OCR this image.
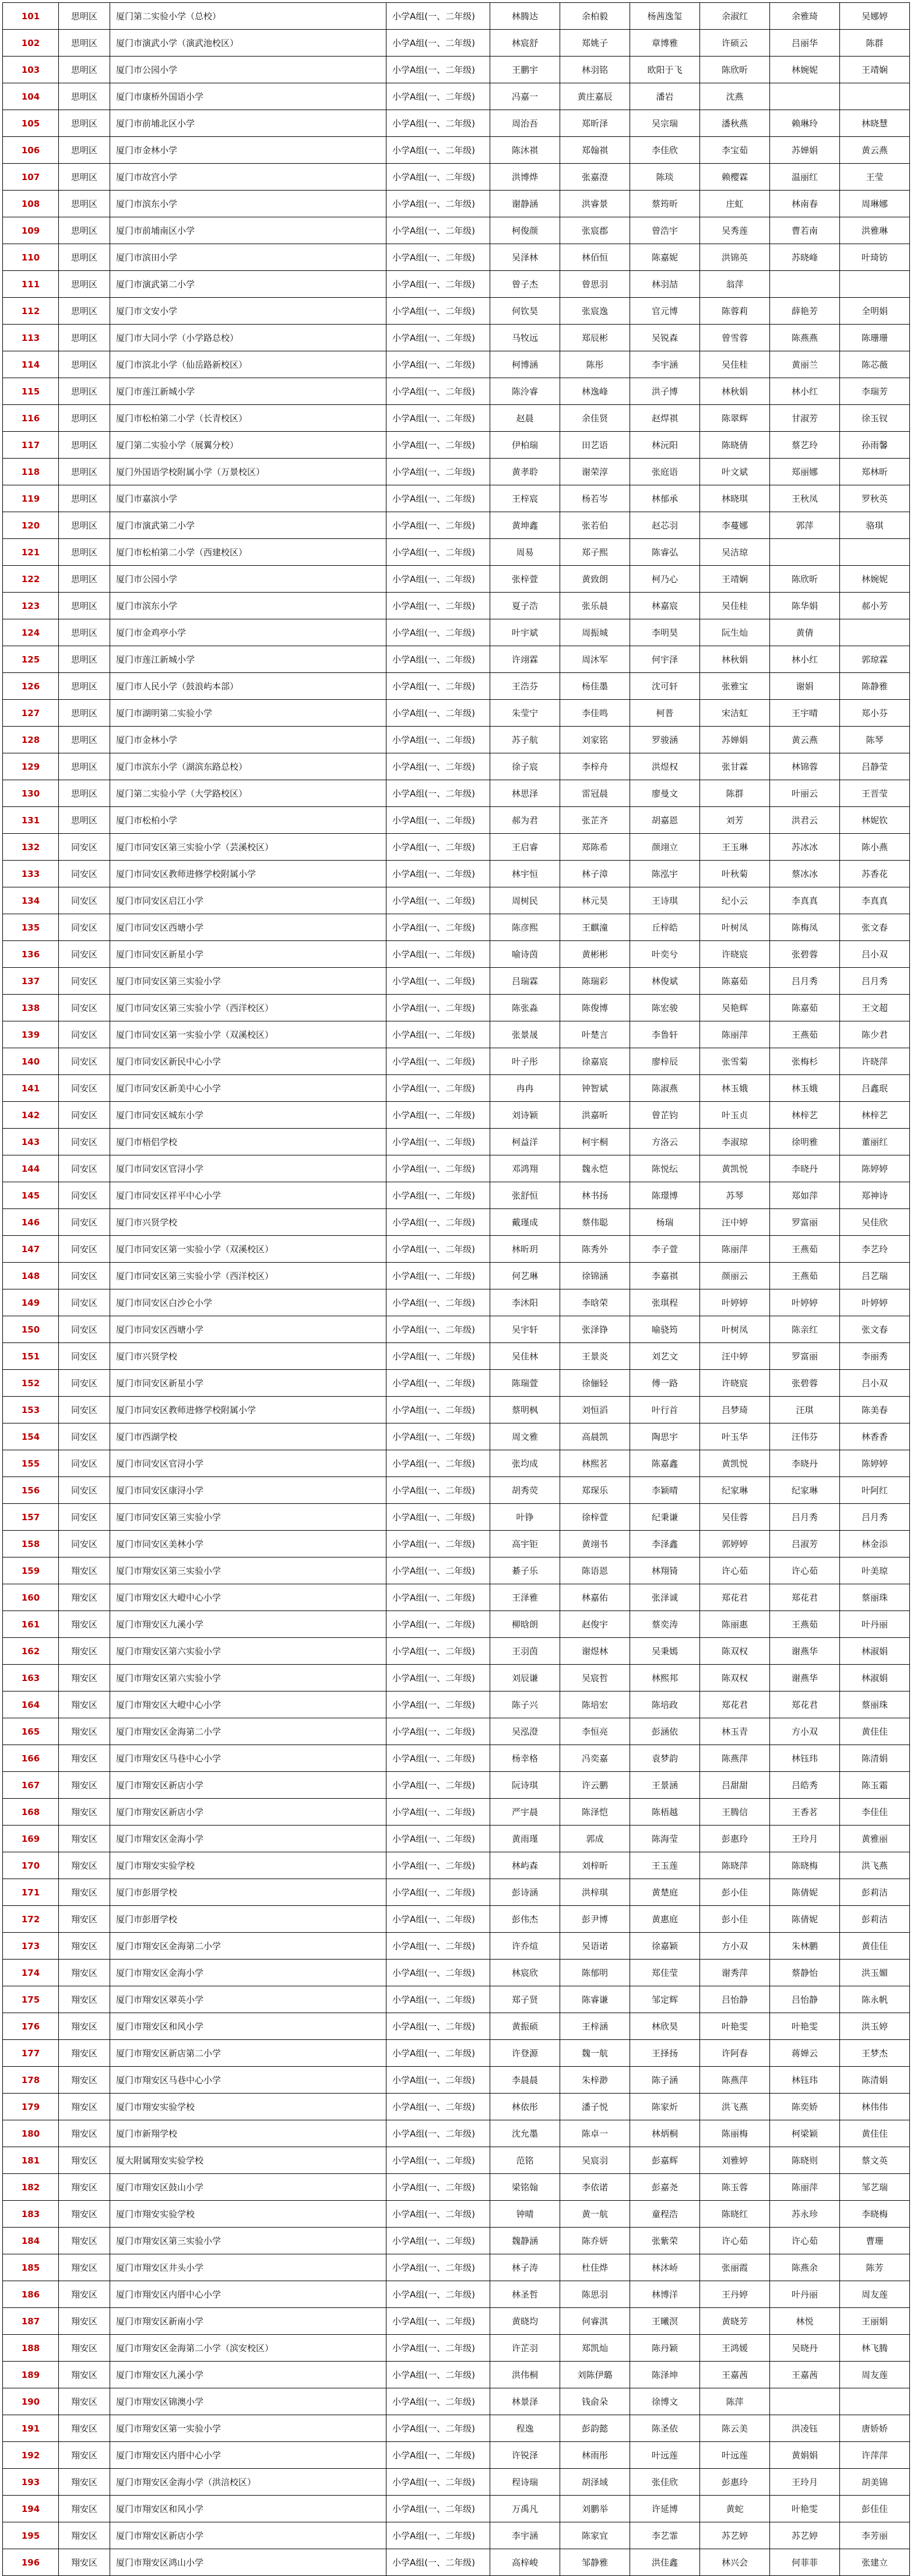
101	思明区	厦门第二实验小学（总校）	小学A组(一、二年级)	林腾达	余柏毅	杨茜逸玺	余淑红	余雅琦	吴娜婷
102	思明区	厦门市演武小学（演武池校区）	小学A组(一、二年级)	林宸舒	郑姚子	章博雅	许硕云	吕丽华	陈群
103	思明区	厦门市公园小学	小学A组(一、二年级)	王鹏宇	林羽铭	欧阳于飞	陈欣昕	林婉妮	王靖娴
104	思明区	厦门市康桥外国语小学	小学A组(一、二年级)	冯嘉一	黄庄嘉辰	潘岩	沈燕		
105	思明区	厦门市前埔北区小学	小学A组(一、二年级)	周治吾	郑昕泽	吴宗瑞	潘秋燕	赖琳玲	林晓慧
106	思明区	厦门市金林小学	小学A组(一、二年级)	陈沐祺	郑翰祺	李佳欣	李宝茹	苏婵娟	黄云燕
107	思明区	厦门市故宫小学	小学A组(一、二年级)	洪博烨	张嘉澄	陈琰	赖樱霖	温丽红	王莹
108	思明区	厦门市滨东小学	小学A组(一、二年级)	谢静涵	洪睿景	蔡筠昕	庄虹	林南春	周琳娜
109	思明区	厦门市前埔南区小学	小学A组(一、二年级)	柯俊颜	张宸郡	曾浩宇	吴秀莲	曹若南	洪雅琳
110	思明区	厦门市滨田小学	小学A组(一、二年级)	吴泽林	林佰恒	陈嘉妮	洪锦英	苏晓峰	叶琦钫
111	思明区	厦门市演武第二小学	小学A组(一、二年级)	曾子杰	曾思羽	林羽喆	翁萍		
112	思明区	厦门市文安小学	小学A组(一、二年级)	何钦昊	张宸逸	官元博	陈蓉莉	薛艳芳	全明娟
113	思明区	厦门市大同小学（小学路总校）	小学A组(一、二年级)	马牧远	郑辰彬	吴锐森	曾雪蓉	陈燕燕	陈珊珊
114	思明区	厦门市滨北小学（仙岳路新校区）	小学A组(一、二年级)	柯博涵	陈彤	李宇涵	吴佳桂	黄丽兰	陈芯薇
115	思明区	厦门市莲江新城小学	小学A组(一、二年级)	陈泠睿	林逸峰	洪子博	林秋娟	林小红	李瑞芳
116	思明区	厦门市松柏第二小学（长青校区）	小学A组(一、二年级)	赵晨	余佳贤	赵焊祺	陈翠辉	甘淑芳	徐玉钗
117	思明区	厦门第二实验小学（展翼分校）	小学A组(一、二年级)	伊柏瑞	田艺语	林沅阳	陈晓倩	蔡艺玲	孙雨馨
118	思明区	厦门外国语学校附属小学（万景校区）	小学A组(一、二年级)	黄孝聆	谢荣淳	张庭语	叶文斌	郑丽娜	郑林昕
119	思明区	厦门市嘉滨小学	小学A组(一、二年级)	王梓宸	杨若岑	林郁承	林晓琪	王秋凤	罗秋英
120	思明区	厦门市演武第二小学	小学A组(一、二年级)	黄坤鑫	张若伯	赵芯羽	李蔓娜	郭萍	骆琪
121	思明区	厦门市松柏第二小学（西建校区）	小学A组(一、二年级)	周易	郑子熙	陈睿弘	吴洁琼		
122	思明区	厦门市公园小学	小学A组(一、二年级)	张梓萱	黄致朗	柯乃心	王靖娴	陈欣昕	林婉妮
123	思明区	厦门市滨东小学	小学A组(一、二年级)	夏子浩	张乐晨	林嘉宸	吴佳桂	陈华娟	郝小芳
124	思明区	厦门市金鸡亭小学	小学A组(一、二年级)	叶宇斌	周振城	李明昊	阮生灿	黄倩	
125	思明区	厦门市莲江新城小学	小学A组(一、二年级)	许翊霖	周沐军	何宇泽	林秋娟	林小红	郭琼霖
126	思明区	厦门市人民小学（鼓浪屿本部）	小学A组(一、二年级)	王浩芬	杨佳墨	沈可轩	张雅宝	谢娟	陈静雅
127	思明区	厦门市湖明第二实验小学	小学A组(一、二年级)	朱莹宁	李佳鸣	柯普	宋洁虹	王宇晴	郑小芬
128	思明区	厦门市金林小学	小学A组(一、二年级)	苏子航	刘家铭	罗骏涵	苏婵娟	黄云燕	陈琴
129	思明区	厦门市滨东小学（湖滨东路总校）	小学A组(一、二年级)	徐子宸	李梓舟	洪煜权	张甘霖	林锦蓉	吕静莹
130	思明区	厦门第二实验小学（大学路校区）	小学A组(一、二年级)	林思泽	雷冠晨	廖曼文	陈群	叶丽云	王晋莹
131	思明区	厦门市松柏小学	小学A组(一、二年级)	郝为君	张芷齐	胡嘉恩	刘芳	洪君云	林妮钦
132	同安区	厦门市同安区第三实验小学（芸溪校区）	小学A组(一、二年级)	王启睿	郑陈希	颜翊立	王玉琳	苏冰冰	陈小燕
133	同安区	厦门市同安区教师进修学校附属小学	小学A组(一、二年级)	林宇恒	林子漳	陈泓宇	叶秋菊	蔡冰冰	苏香花
134	同安区	厦门市同安区启江小学	小学A组(一、二年级)	周树民	林元昊	王诗琪	纪小云	李真真	李真真
135	同安区	厦门市同安区西塘小学	小学A组(一、二年级)	陈彦熙	王麒潼	丘梓皓	叶树凤	陈梅凤	张文春
136	同安区	厦门市同安区新星小学	小学A组(一、二年级)	喻诗茵	黄彬彬	叶奕兮	许晓宸	张碧蓉	吕小双
137	同安区	厦门市同安区第三实验小学	小学A组(一、二年级)	吕瑞霖	陈瑞彩	林俊斌	陈嘉茹	吕月秀	吕月秀
138	同安区	厦门市同安区第三实验小学（西洋校区）	小学A组(一、二年级)	陈张淼	陈俊博	陈宏骏	吴艳辉	陈嘉茹	王文超
139	同安区	厦门市同安区第一实验小学（双溪校区）	小学A组(一、二年级)	张景晟	叶楚言	李鲁轩	陈丽萍	王燕茹	陈少君
140	同安区	厦门市同安区新民中心小学	小学A组(一、二年级)	叶子彤	徐嘉宸	廖梓辰	张雪菊	张梅杉	许晓萍
141	同安区	厦门市同安区新美中心小学	小学A组(一、二年级)	冉冉	钟智斌	陈淑燕	林玉娥	林玉娥	吕鑫珉
142	同安区	厦门市同安区城东小学	小学A组(一、二年级)	刘诗颖	洪嘉昕	曾芷钧	叶玉贞	林梓艺	林梓艺
143	同安区	厦门市梧侣学校	小学A组(一、二年级)	柯益洋	柯宇桐	方洛云	李淑琼	徐明雅	董丽红
144	同安区	厦门市同安区官浔小学	小学A组(一、二年级)	邓鸿翔	魏永恺	陈悦纭	黄凯悦	李晓丹	陈婷婷
145	同安区	厦门市同安区祥平中心小学	小学A组(一、二年级)	张舒恒	林书扬	陈璟博	苏琴	郑如萍	郑神诗
146	同安区	厦门市兴贤学校	小学A组(一、二年级)	戴瑾成	蔡伟聪	杨瑞	汪中婷	罗富丽	吴佳欣
147	同安区	厦门市同安区第一实验小学（双溪校区）	小学A组(一、二年级)	林昕玥	陈秀外	李子萱	陈丽萍	王燕茹	李艺玲
148	同安区	厦门市同安区第三实验小学（西洋校区）	小学A组(一、二年级)	何艺琳	徐锦涵	李嘉祺	颜丽云	王燕茹	吕艺瑞
149	同安区	厦门市同安区白沙仑小学	小学A组(一、二年级)	李沐阳	李晗荣	张琪程	叶婷婷	叶婷婷	叶婷婷
150	同安区	厦门市同安区西塘小学	小学A组(一、二年级)	吴宇轩	张泽铮	喻骁筠	叶树凤	陈亲红	张文春
151	同安区	厦门市兴贤学校	小学A组(一、二年级)	吴佳林	王景炎	刘艺文	汪中婷	罗富丽	李丽秀
152	同安区	厦门市同安区新星小学	小学A组(一、二年级)	陈瑞萱	徐俪轻	傅一路	许晓宸	张碧蓉	吕小双
153	同安区	厦门市同安区教师进修学校附属小学	小学A组(一、二年级)	蔡明枫	刘恒滔	叶行首	吕梦琦	汪琪	陈美春
154	同安区	厦门市西湖学校	小学A组(一、二年级)	周文雅	高晨凯	陶思宇	叶玉华	汪伟芬	林香香
155	同安区	厦门市同安区官浔小学	小学A组(一、二年级)	张均成	林熙茗	陈嘉鑫	黄凯悦	李晓丹	陈婷婷
156	同安区	厦门市同安区康浔小学	小学A组(一、二年级)	胡秀荧	郑琛乐	李颖晴	纪家琳	纪家琳	叶阿红
157	同安区	厦门市同安区第三实验小学	小学A组(一、二年级)	叶铮	徐梓萱	纪秉谦	吴佳蓉	吕月秀	吕月秀
158	同安区	厦门市同安区美林小学	小学A组(一、二年级)	高宇钜	黄翊书	李泽鑫	郭婷婷	吕淑芳	林金添
159	翔安区	厦门市翔安区第三实验小学	小学A组(一、二年级)	綦子乐	陈语恩	林翔锜	许心茹	许心茹	叶美琼
160	翔安区	厦门市翔安区大嶝中心小学	小学A组(一、二年级)	王泽雅	林嘉佑	张泽诚	郑花君	郑花君	蔡丽珠
161	翔安区	厦门市翔安区九溪小学	小学A组(一、二年级)	柳晗朗	赵俊宇	蔡奕涛	陈丽惠	王燕茹	叶丹丽
162	翔安区	厦门市翔安区第六实验小学	小学A组(一、二年级)	王羽茵	谢煜林	吴秉嫣	陈双权	谢燕华	林淑娟
163	翔安区	厦门市翔安区第六实验小学	小学A组(一、二年级)	刘辰谦	吴宸哲	林熙邦	陈双权	谢燕华	林淑娟
164	翔安区	厦门市翔安区大嶝中心小学	小学A组(一、二年级)	陈子兴	陈培宏	陈培政	郑花君	郑花君	蔡丽珠
165	翔安区	厦门市翔安区金海第二小学	小学A组(一、二年级)	吴泓澄	李恒亮	彭涵依	林玉青	方小双	黄佳佳
166	翔安区	厦门市翔安区马巷中心小学	小学A组(一、二年级)	杨幸格	冯奕嘉	袁梦韵	陈燕萍	林钰玮	陈清娟
167	翔安区	厦门市翔安区新店小学	小学A组(一、二年级)	阮诗琪	许云鹏	王景涵	吕甜甜	吕皓秀	陈玉霜
168	翔安区	厦门市翔安区新店小学	小学A组(一、二年级)	严宇晨	陈泽恺	陈梧越	王腾信	王香茗	李佳佳
169	翔安区	厦门市翔安区金海小学	小学A组(一、二年级)	黄雨瑾	郭成	陈海莹	彭惠玲	王玲月	黄雅丽
170	翔安区	厦门市翔安实验学校	小学A组(一、二年级)	林屿森	刘梓昕	王玉莲	陈晓萍	陈晓梅	洪飞燕
171	翔安区	厦门市彭厝学校	小学A组(一、二年级)	彭诗涵	洪梓琪	黄楚庭	彭小佳	陈倩妮	彭莉洁
172	翔安区	厦门市彭厝学校	小学A组(一、二年级)	彭伟杰	彭尹博	黄惠庭	彭小佳	陈倩妮	彭莉洁
173	翔安区	厦门市翔安区金海第二小学	小学A组(一、二年级)	许乔煊	吴语诺	徐嘉颖	方小双	朱林鹏	黄佳佳
174	翔安区	厦门市翔安区金海小学	小学A组(一、二年级)	林宸欣	陈郁明	郑佳莹	谢秀萍	蔡静怡	洪玉媚
175	翔安区	厦门市翔安区翠英小学	小学A组(一、二年级)	郑子贤	陈睿谦	邹定辉	吕怡静	吕怡静	陈永帆
176	翔安区	厦门市翔安区和风小学	小学A组(一、二年级)	黄振硕	王梓涵	林欣昊	叶艳雯	叶艳雯	洪玉婷
177	翔安区	厦门市翔安区新店第二小学	小学A组(一、二年级)	许登源	魏一航	王择扬	许阿春	蒋婵云	王梦杰
178	翔安区	厦门市翔安区马巷中心小学	小学A组(一、二年级)	李晨晨	朱梓渺	陈子涵	陈燕萍	林钰玮	陈清娟
179	翔安区	厦门市翔安实验学校	小学A组(一、二年级)	林依彤	潘子悦	陈家炘	洪飞燕	陈奕娇	林伟伟
180	翔安区	厦门市新翔学校	小学A组(一、二年级)	沈允墨	陈卓一	林炳桐	陈丽梅	柯梁颖	黄佳佳
181	翔安区	厦大附属翔安实验学校	小学A组(一、二年级)	范铭	吴宸羽	彭嘉辉	刘雅婷	陈晓则	蔡文英
182	翔安区	厦门市翔安区鼓山小学	小学A组(一、二年级)	梁铭翰	李依诺	彭嘉尧	陈玉蓉	陈丽萍	邹艺瑞
183	翔安区	厦门市翔安实验学校	小学A组(一、二年级)	钟晴	黄一航	童程浩	陈晓红	苏永珍	李晓梅
184	翔安区	厦门市翔安区第三实验小学	小学A组(一、二年级)	魏静涵	陈乔妍	张紫荣	许心茹	许心茹	曹珊
185	翔安区	厦门市翔安区井头小学	小学A组(一、二年级)	林子涛	杜佳烨	林沐峤	张丽霞	陈燕余	陈芳
186	翔安区	厦门市翔安区内厝中心小学	小学A组(一、二年级)	林圣哲	陈思羽	林博洋	王丹婷	叶丹丽	周友莲
187	翔安区	厦门市翔安区新南小学	小学A组(一、二年级)	黄晓均	何睿淇	王曦溟	黄晓芳	林悦	王丽娟
188	翔安区	厦门市翔安区金海第二小学（滨安校区）	小学A组(一、二年级)	许芷羽	郑凯灿	陈丹颖	王鸿媛	吴晓丹	林飞腾
189	翔安区	厦门市翔安区九溪小学	小学A组(一、二年级)	洪伟桐	刘陈伊璐	陈泽坤	王嘉茜	王嘉茜	周友莲
190	翔安区	厦门市翔安区锦澳小学	小学A组(一、二年级)	林景泽	钱俞朵	徐博文	陈萍		
191	翔安区	厦门市翔安区第一实验小学	小学A组(一、二年级)	程逸	彭韵懿	陈圣依	陈云美	洪凌钰	唐娇娇
192	翔安区	厦门市翔安区内厝中心小学	小学A组(一、二年级)	许锐泽	林雨彤	叶远莲	叶远莲	黄娟娟	许萍萍
193	翔安区	厦门市翔安区金海小学（洪涪校区）	小学A组(一、二年级)	程诗瑞	胡泽域	张佳欣	彭惠玲	王玲月	胡美锦
194	翔安区	厦门市翔安区和风小学	小学A组(一、二年级)	万禹凡	刘鹏举	许延博	黄蛇	叶艳雯	彭佳佳
195	翔安区	厦门市翔安区新店小学	小学A组(一、二年级)	李宇涵	陈家宜	李艺霏	苏艺婷	苏艺婷	李芳丽
196	翔安区	厦门市翔安区鸿山小学	小学A组(一、二年级)	高梓峻	邹静雅	洪佳鑫	林兴会	何菲菲	张建立
